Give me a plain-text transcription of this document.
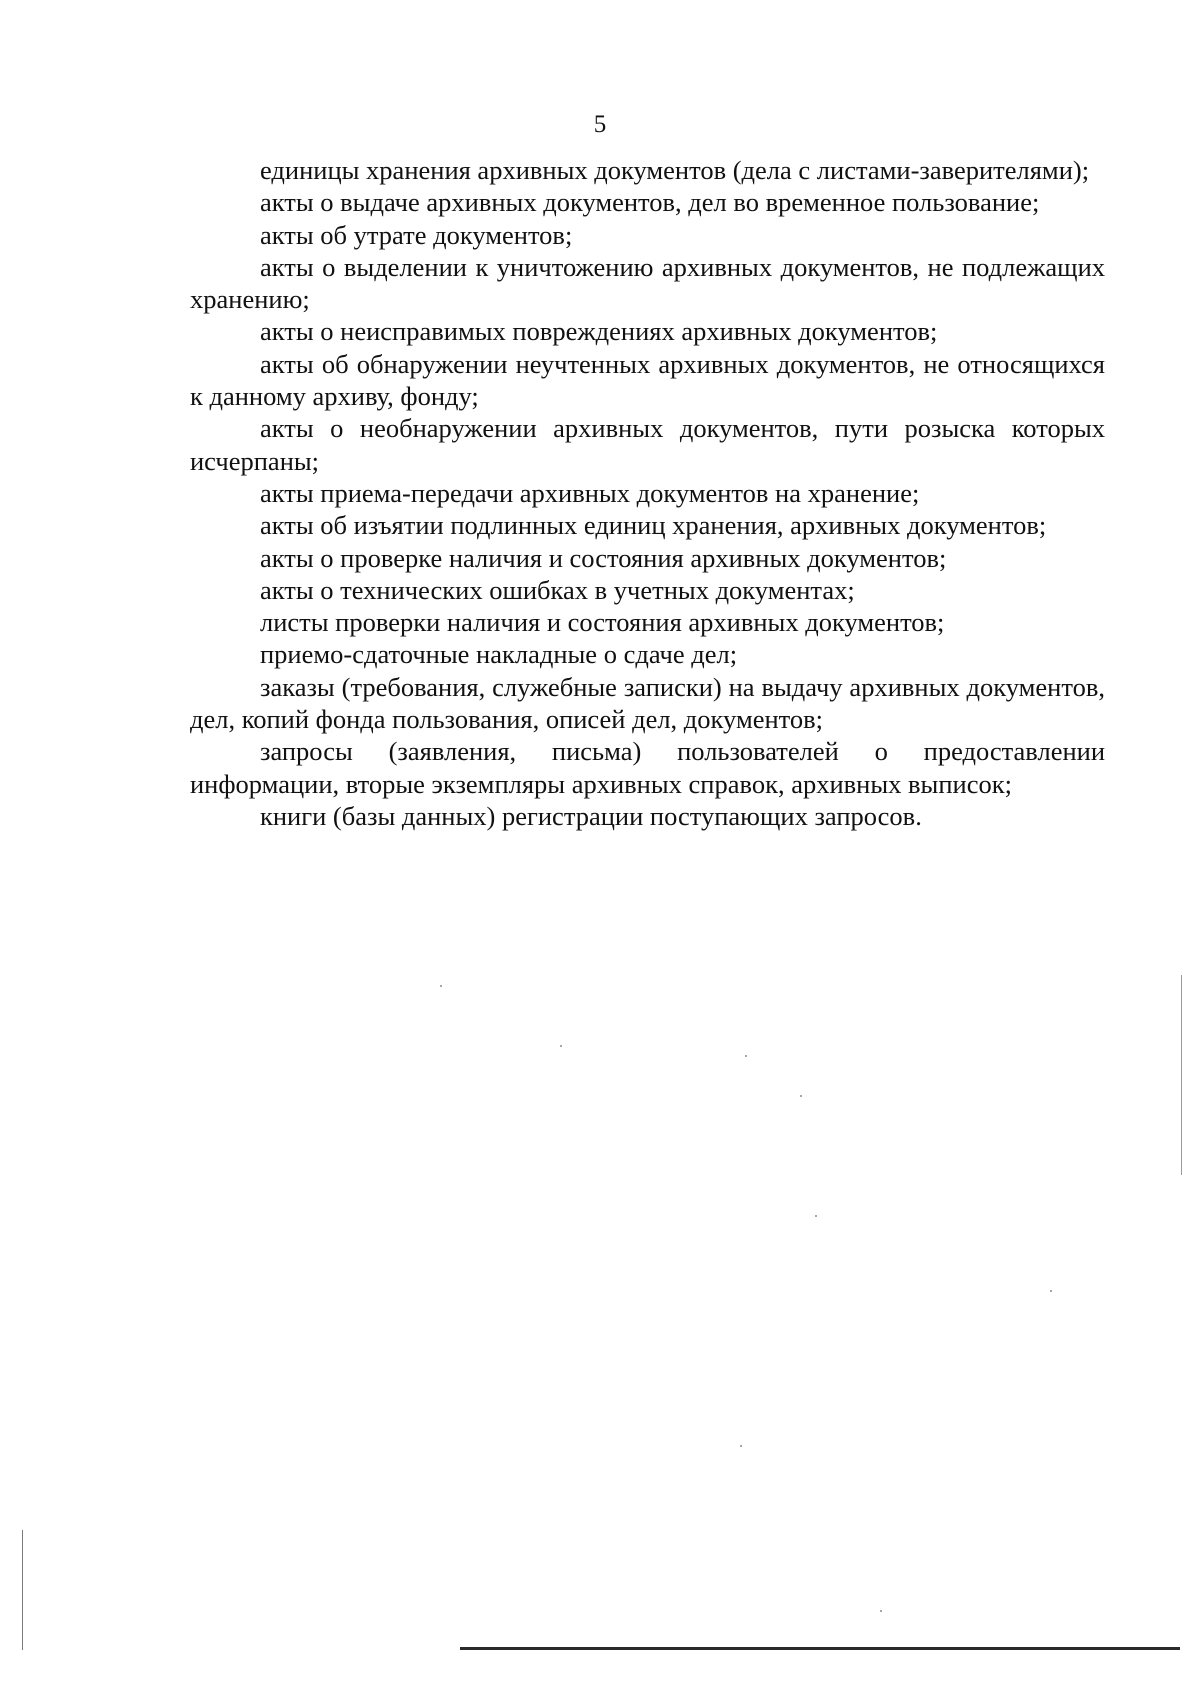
5

единицы хранения архивных документов (дела с листами-заверителями);

акты о выдаче архивных документов, дел во временное пользование;

акты об утрате документов;

акты о выделении к уничтожению архивных документов, не подлежащих хранению;

акты о неисправимых повреждениях архивных документов;

акты об обнаружении неучтенных архивных документов, не относящихся к данному архиву, фонду;

акты о необнаружении архивных документов, пути розыска которых исчерпаны;

акты приема-передачи архивных документов на хранение;

акты об изъятии подлинных единиц хранения, архивных документов;

акты о проверке наличия и состояния архивных документов;

акты о технических ошибках в учетных документах;

листы проверки наличия и состояния архивных документов;

приемо-сдаточные накладные о сдаче дел;

заказы (требования, служебные записки) на выдачу архивных документов, дел, копий фонда пользования, описей дел, документов;

запросы (заявления, письма) пользователей о предоставлении информации, вторые экземпляры архивных справок, архивных выписок;

книги (базы данных) регистрации поступающих запросов.
